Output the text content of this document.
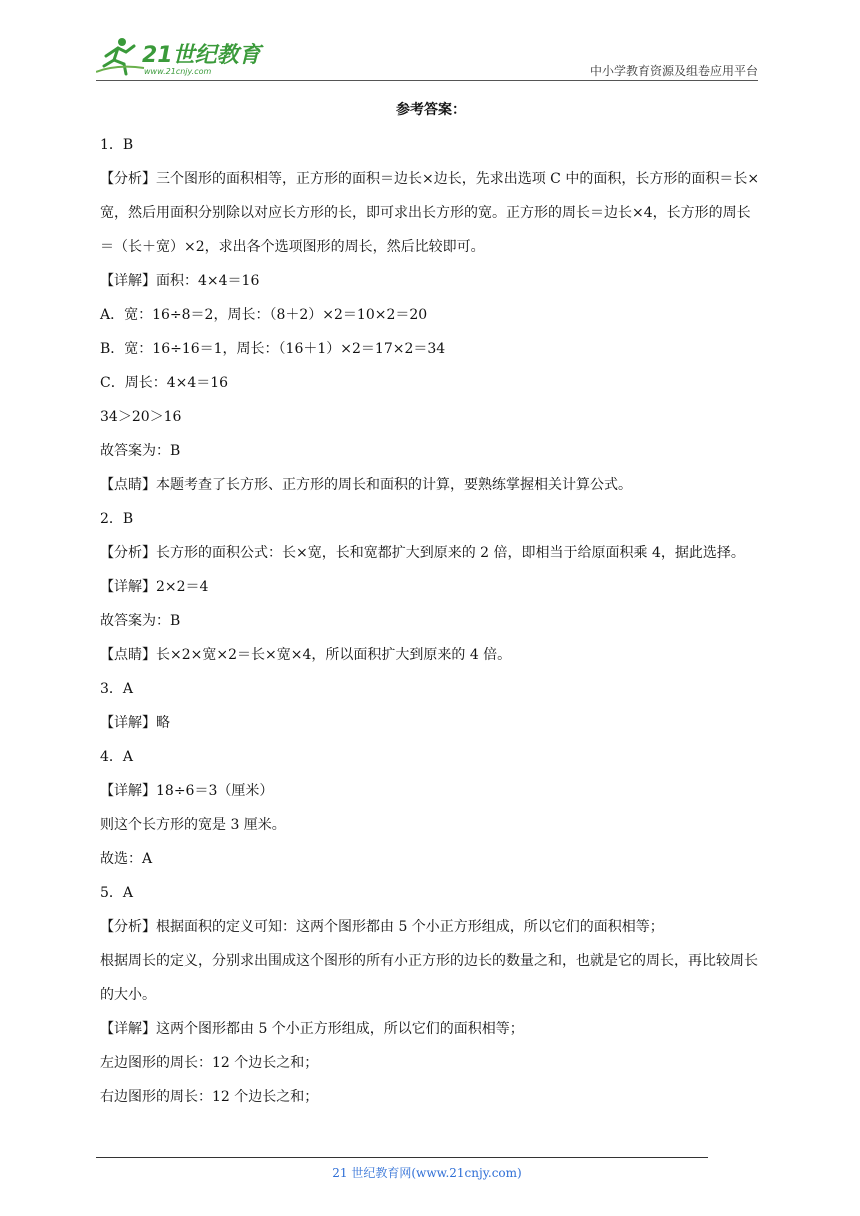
21世纪教育
www.21cnjy.com	中小学教育资源及组卷应用平台
参考答案：
1．B
【分析】三个图形的面积相等，正方形的面积＝边长×边长，先求出选项 C 中的面积，长方形的面积＝长×宽，然后用面积分别除以对应长方形的长，即可求出长方形的宽。正方形的周长＝边长×4，长方形的周长＝（长＋宽）×2，求出各个选项图形的周长，然后比较即可。
【详解】面积：4×4＝16
A．宽：16÷8＝2，周长：（8＋2）×2＝10×2＝20
B．宽：16÷16＝1，周长：（16＋1）×2＝17×2＝34
C．周长：4×4＝16
34＞20＞16
故答案为：B
【点睛】本题考查了长方形、正方形的周长和面积的计算，要熟练掌握相关计算公式。
2．B
【分析】长方形的面积公式：长×宽，长和宽都扩大到原来的 2 倍，即相当于给原面积乘 4，据此选择。
【详解】2×2＝4
故答案为：B
【点睛】长×2×宽×2＝长×宽×4，所以面积扩大到原来的 4 倍。
3．A
【详解】略
4．A
【详解】18÷6＝3（厘米）
则这个长方形的宽是 3 厘米。
故选：A
5．A
【分析】根据面积的定义可知：这两个图形都由 5 个小正方形组成，所以它们的面积相等；
根据周长的定义，分别求出围成这个图形的所有小正方形的边长的数量之和，也就是它的周长，再比较周长的大小。
【详解】这两个图形都由 5 个小正方形组成，所以它们的面积相等；
左边图形的周长：12 个边长之和；
右边图形的周长：12 个边长之和；
21 世纪教育网(www.21cnjy.com)
